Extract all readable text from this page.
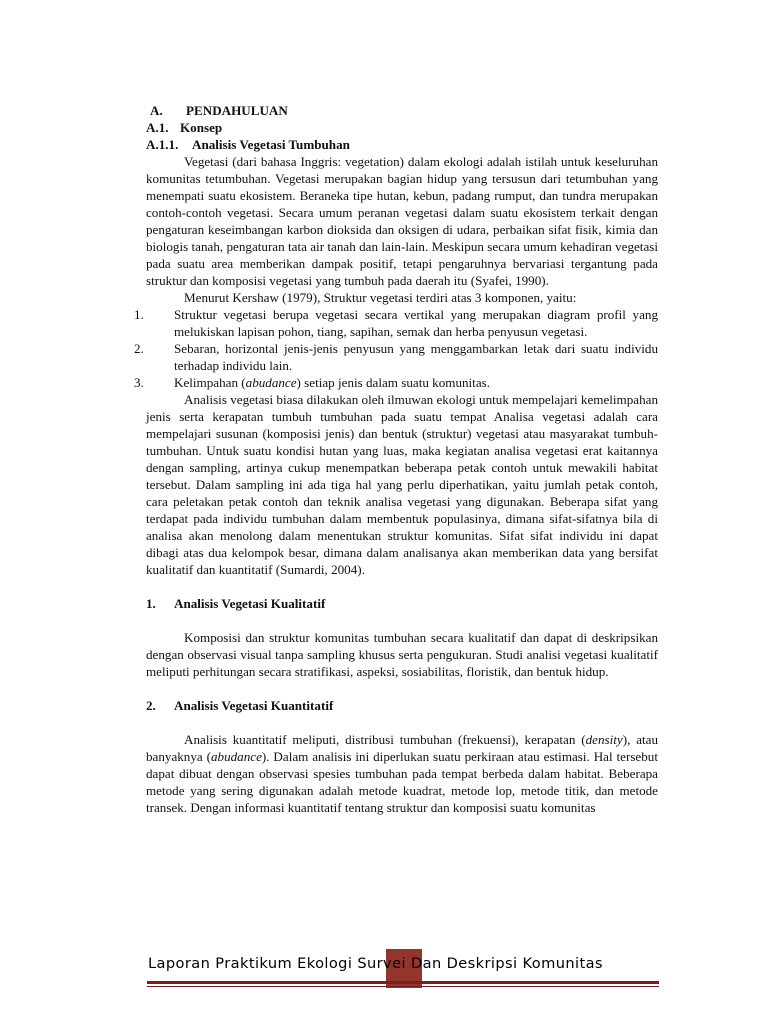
A. PENDAHULUAN
A.1. Konsep
A.1.1. Analisis Vegetasi Tumbuhan

Vegetasi (dari bahasa Inggris: vegetation) dalam ekologi adalah istilah untuk keseluruhan komunitas tetumbuhan. Vegetasi merupakan bagian hidup yang tersusun dari tetumbuhan yang menempati suatu ekosistem. Beraneka tipe hutan, kebun, padang rumput, dan tundra merupakan contoh-contoh vegetasi. Secara umum peranan vegetasi dalam suatu ekosistem terkait dengan pengaturan keseimbangan karbon dioksida dan oksigen di udara, perbaikan sifat fisik, kimia dan biologis tanah, pengaturan tata air tanah dan lain-lain. Meskipun secara umum kehadiran vegetasi pada suatu area memberikan dampak positif, tetapi pengaruhnya bervariasi tergantung pada struktur dan komposisi vegetasi yang tumbuh pada daerah itu (Syafei, 1990).

Menurut Kershaw (1979), Struktur vegetasi terdiri atas 3 komponen, yaitu:

1. Struktur vegetasi berupa vegetasi secara vertikal yang merupakan diagram profil yang melukiskan lapisan pohon, tiang, sapihan, semak dan herba penyusun vegetasi.
2. Sebaran, horizontal jenis-jenis penyusun yang menggambarkan letak dari suatu individu terhadap individu lain.
3. Kelimpahan (abudance) setiap jenis dalam suatu komunitas.

Analisis vegetasi biasa dilakukan oleh ilmuwan ekologi untuk mempelajari kemelimpahan jenis serta kerapatan tumbuh tumbuhan pada suatu tempat Analisa vegetasi adalah cara mempelajari susunan (komposisi jenis) dan bentuk (struktur) vegetasi atau masyarakat tumbuh-tumbuhan. Untuk suatu kondisi hutan yang luas, maka kegiatan analisa vegetasi erat kaitannya dengan sampling, artinya cukup menempatkan beberapa petak contoh untuk mewakili habitat tersebut. Dalam sampling ini ada tiga hal yang perlu diperhatikan, yaitu jumlah petak contoh, cara peletakan petak contoh dan teknik analisa vegetasi yang digunakan. Beberapa sifat yang terdapat pada individu tumbuhan dalam membentuk populasinya, dimana sifat-sifatnya bila di analisa akan menolong dalam menentukan struktur komunitas. Sifat sifat individu ini dapat dibagi atas dua kelompok besar, dimana dalam analisanya akan memberikan data yang bersifat kualitatif dan kuantitatif (Sumardi, 2004).

1. Analisis Vegetasi Kualitatif

Komposisi dan struktur komunitas tumbuhan secara kualitatif dan dapat di deskripsikan dengan observasi visual tanpa sampling khusus serta pengukuran. Studi analisi vegetasi kualitatif meliputi perhitungan secara stratifikasi, aspeksi, sosiabilitas, floristik, dan bentuk hidup.

2. Analisis Vegetasi Kuantitatif

Analisis kuantitatif meliputi, distribusi tumbuhan (frekuensi), kerapatan (density), atau banyaknya (abudance). Dalam analisis ini diperlukan suatu perkiraan atau estimasi. Hal tersebut dapat dibuat dengan observasi spesies tumbuhan pada tempat berbeda dalam habitat. Beberapa metode yang sering digunakan adalah metode kuadrat, metode lop, metode titik, dan metode transek. Dengan informasi kuantitatif tentang struktur dan komposisi suatu komunitas

Laporan Praktikum Ekologi Survei Dan Deskripsi Komunitas
